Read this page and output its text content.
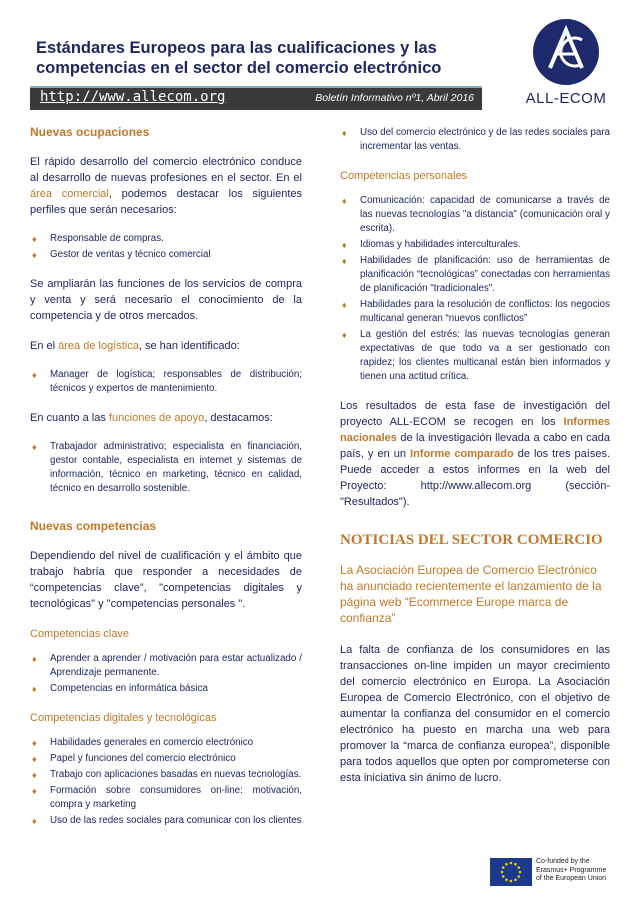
Estándares Europeos para las cualificaciones y las competencias en el sector del comercio electrónico
ALL-ECOM
http://www.allecom.org	Boletín Informativo nº1, Abril 2016
Nuevas ocupaciones

El rápido desarrollo del comercio electrónico conduce al desarrollo de nuevas profesiones en el sector. En el área comercial, podemos destacar los siguientes perfiles que serán necesarios:

♦ Responsable de compras.
♦ Gestor de ventas y técnico comercial

Se ampliarán las funciones de los servicios de compra y venta y será necesario el conocimiento de la competencia y de otros mercados.

En el área de logística, se han identificado:

♦ Manager de logística; responsables de distribución; técnicos y expertos de mantenimiento.

En cuanto a las funciones de apoyo, destacamos:

♦ Trabajador administrativo; especialista en financiación, gestor contable, especialista en internet y sistemas de información, técnico en marketing, técnico en calidad, técnico en desarrollo sostenible.
Nuevas competencias

Dependiendo del nivel de cualificación y el ámbito que trabajo habría que responder a necesidades de “competencias clave”, "competencias digitales y tecnológicas" y "competencias personales ".

Competencias clave
♦ Aprender a aprender / motivación para estar actualizado / Aprendizaje permanente.
♦ Competencias en informática básica
Competencias digitales y tecnológicas
♦ Habilidades generales en comercio electrónico
♦ Papel y funciones del comercio electrónico
♦ Trabajo con aplicaciones basadas en nuevas tecnologías.
♦ Formación sobre consumidores on-line: motivación, compra y marketing
♦ Uso de las redes sociales para comunicar con los clientes
♦ Uso del comercio electrónico y de las redes sociales para incrementar las ventas.
Competencias personales
♦ Comunicación: capacidad de comunicarse a través de las nuevas tecnologías "a distancia" (comunicación oral y escrita).
♦ Idiomas y habilidades interculturales.
♦ Habilidades de planificación: uso de herramientas de planificación “tecnológicas” conectadas con herramientas de planificación "tradicionales".
♦ Habilidades para la resolución de conflictos: los negocios multicanal generan “nuevos conflictos”
♦ La gestión del estrés: las nuevas tecnologías generan expectativas de que todo va a ser gestionado con rapidez; los clientes multicanal están bien informados y tienen una actitud crítica.

Los resultados de esta fase de investigación del proyecto ALL-ECOM se recogen en los Informes nacionales de la investigación llevada a cabo en cada país, y en un Informe comparado de los tres países. Puede acceder a estos informes en la web del Proyecto: http://www.allecom.org (sección- "Resultados").

NOTICIAS DEL SECTOR COMERCIO
La Asociación Europea de Comercio Electrónico ha anunciado recientemente el lanzamiento de la página web “Ecommerce Europe marca de confianza”

La falta de confianza de los consumidores en las transacciones on-line impiden un mayor crecimiento del comercio electrónico en Europa. La Asociación Europea de Comercio Electrónico, con el objetivo de aumentar la confianza del consumidor en el comercio electrónico ha puesto en marcha una web para promover la “marca de confianza europea”, disponible para todos aquellos que opten por comprometerse con esta iniciativa sin ánimo de lucro.

Co-funded by the
Erasmus+ Programme
of the European Union
